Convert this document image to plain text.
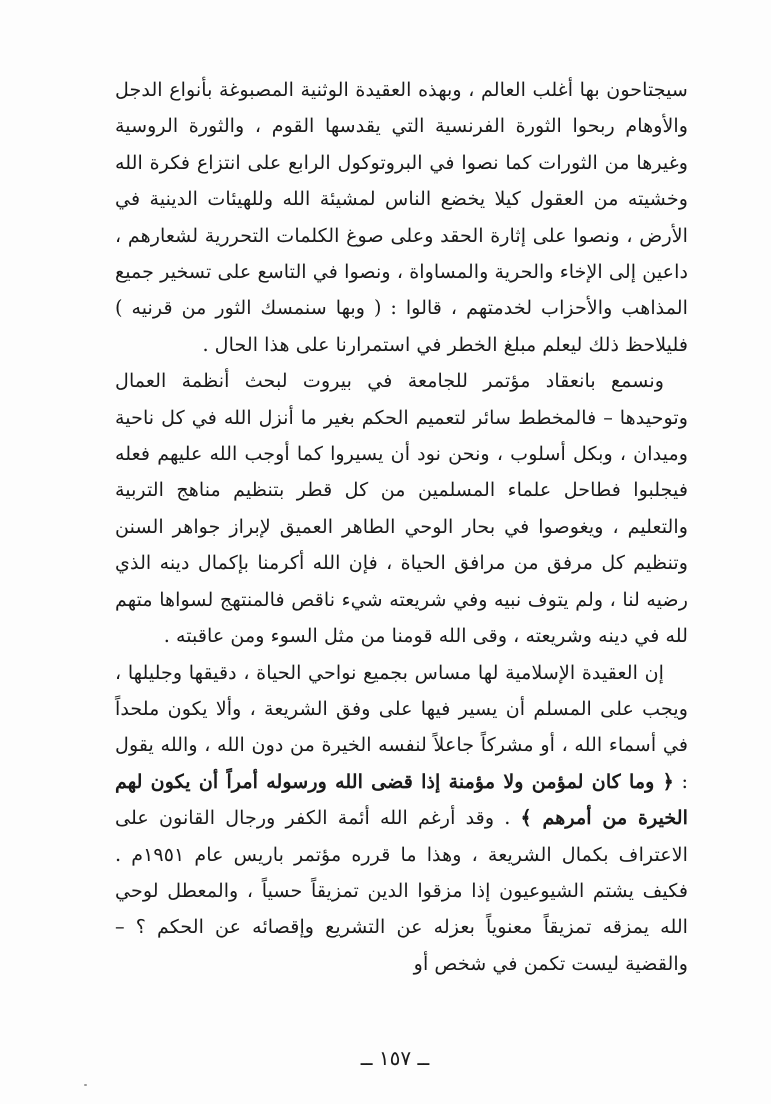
سيجتاحون بها أغلب العالم ، وبهذه العقيدة الوثنية المصبوغة بأنواع الدجل والأوهام ربحوا الثورة الفرنسية التي يقدسها القوم ، والثورة الروسية وغيرها من الثورات كما نصوا في البروتوكول الرابع على انتزاع فكرة الله وخشيته من العقول كيلا يخضع الناس لمشيئة الله وللهيئات الدينية في الأرض ، ونصوا على إثارة الحقد وعلى صوغ الكلمات التحررية لشعارهم ، داعين إلى الإخاء والحرية والمساواة ، ونصوا في التاسع على تسخير جميع المذاهب والأحزاب لخدمتهم ، قالوا : ( وبها سنمسك الثور من قرنيه ) فليلاحظ ذلك ليعلم مبلغ الخطر في استمرارنا على هذا الحال .

ونسمع بانعقاد مؤتمر للجامعة في بيروت لبحث أنظمة العمال وتوحيدها – فالمخطط سائر لتعميم الحكم بغير ما أنزل الله في كل ناحية وميدان ، وبكل أسلوب ، ونحن نود أن يسيروا كما أوجب الله عليهم فعله فيجلبوا فطاحل علماء المسلمين من كل قطر بتنظيم مناهج التربية والتعليم ، ويغوصوا في بحار الوحي الطاهر العميق لإبراز جواهر السنن وتنظيم كل مرفق من مرافق الحياة ، فإن الله أكرمنا بإكمال دينه الذي رضيه لنا ، ولم يتوف نبيه وفي شريعته شيء ناقص فالمنتهج لسواها متهم لله في دينه وشريعته ، وقى الله قومنا من مثل السوء ومن عاقبته .

إن العقيدة الإسلامية لها مساس بجميع نواحي الحياة ، دقيقها وجليلها ، ويجب على المسلم أن يسير فيها على وفق الشريعة ، وألا يكون ملحداً في أسماء الله ، أو مشركاً جاعلاً لنفسه الخيرة من دون الله ، والله يقول : ﴿ وما كان لمؤمن ولا مؤمنة إذا قضى الله ورسوله أمراً أن يكون لهم الخيرة من أمرهم ﴾ . وقد أرغم الله أئمة الكفر ورجال القانون على الاعتراف بكمال الشريعة ، وهذا ما قرره مؤتمر باريس عام ١٩٥١م . فكيف يشتم الشيوعيون إذا مزقوا الدين تمزيقاً حسياً ، والمعطل لوحي الله يمزقه تمزيقاً معنوياً بعزله عن التشريع وإقصائه عن الحكم ؟ – والقضية ليست تكمن في شخص أو

ــ ١٥٧ ــ
